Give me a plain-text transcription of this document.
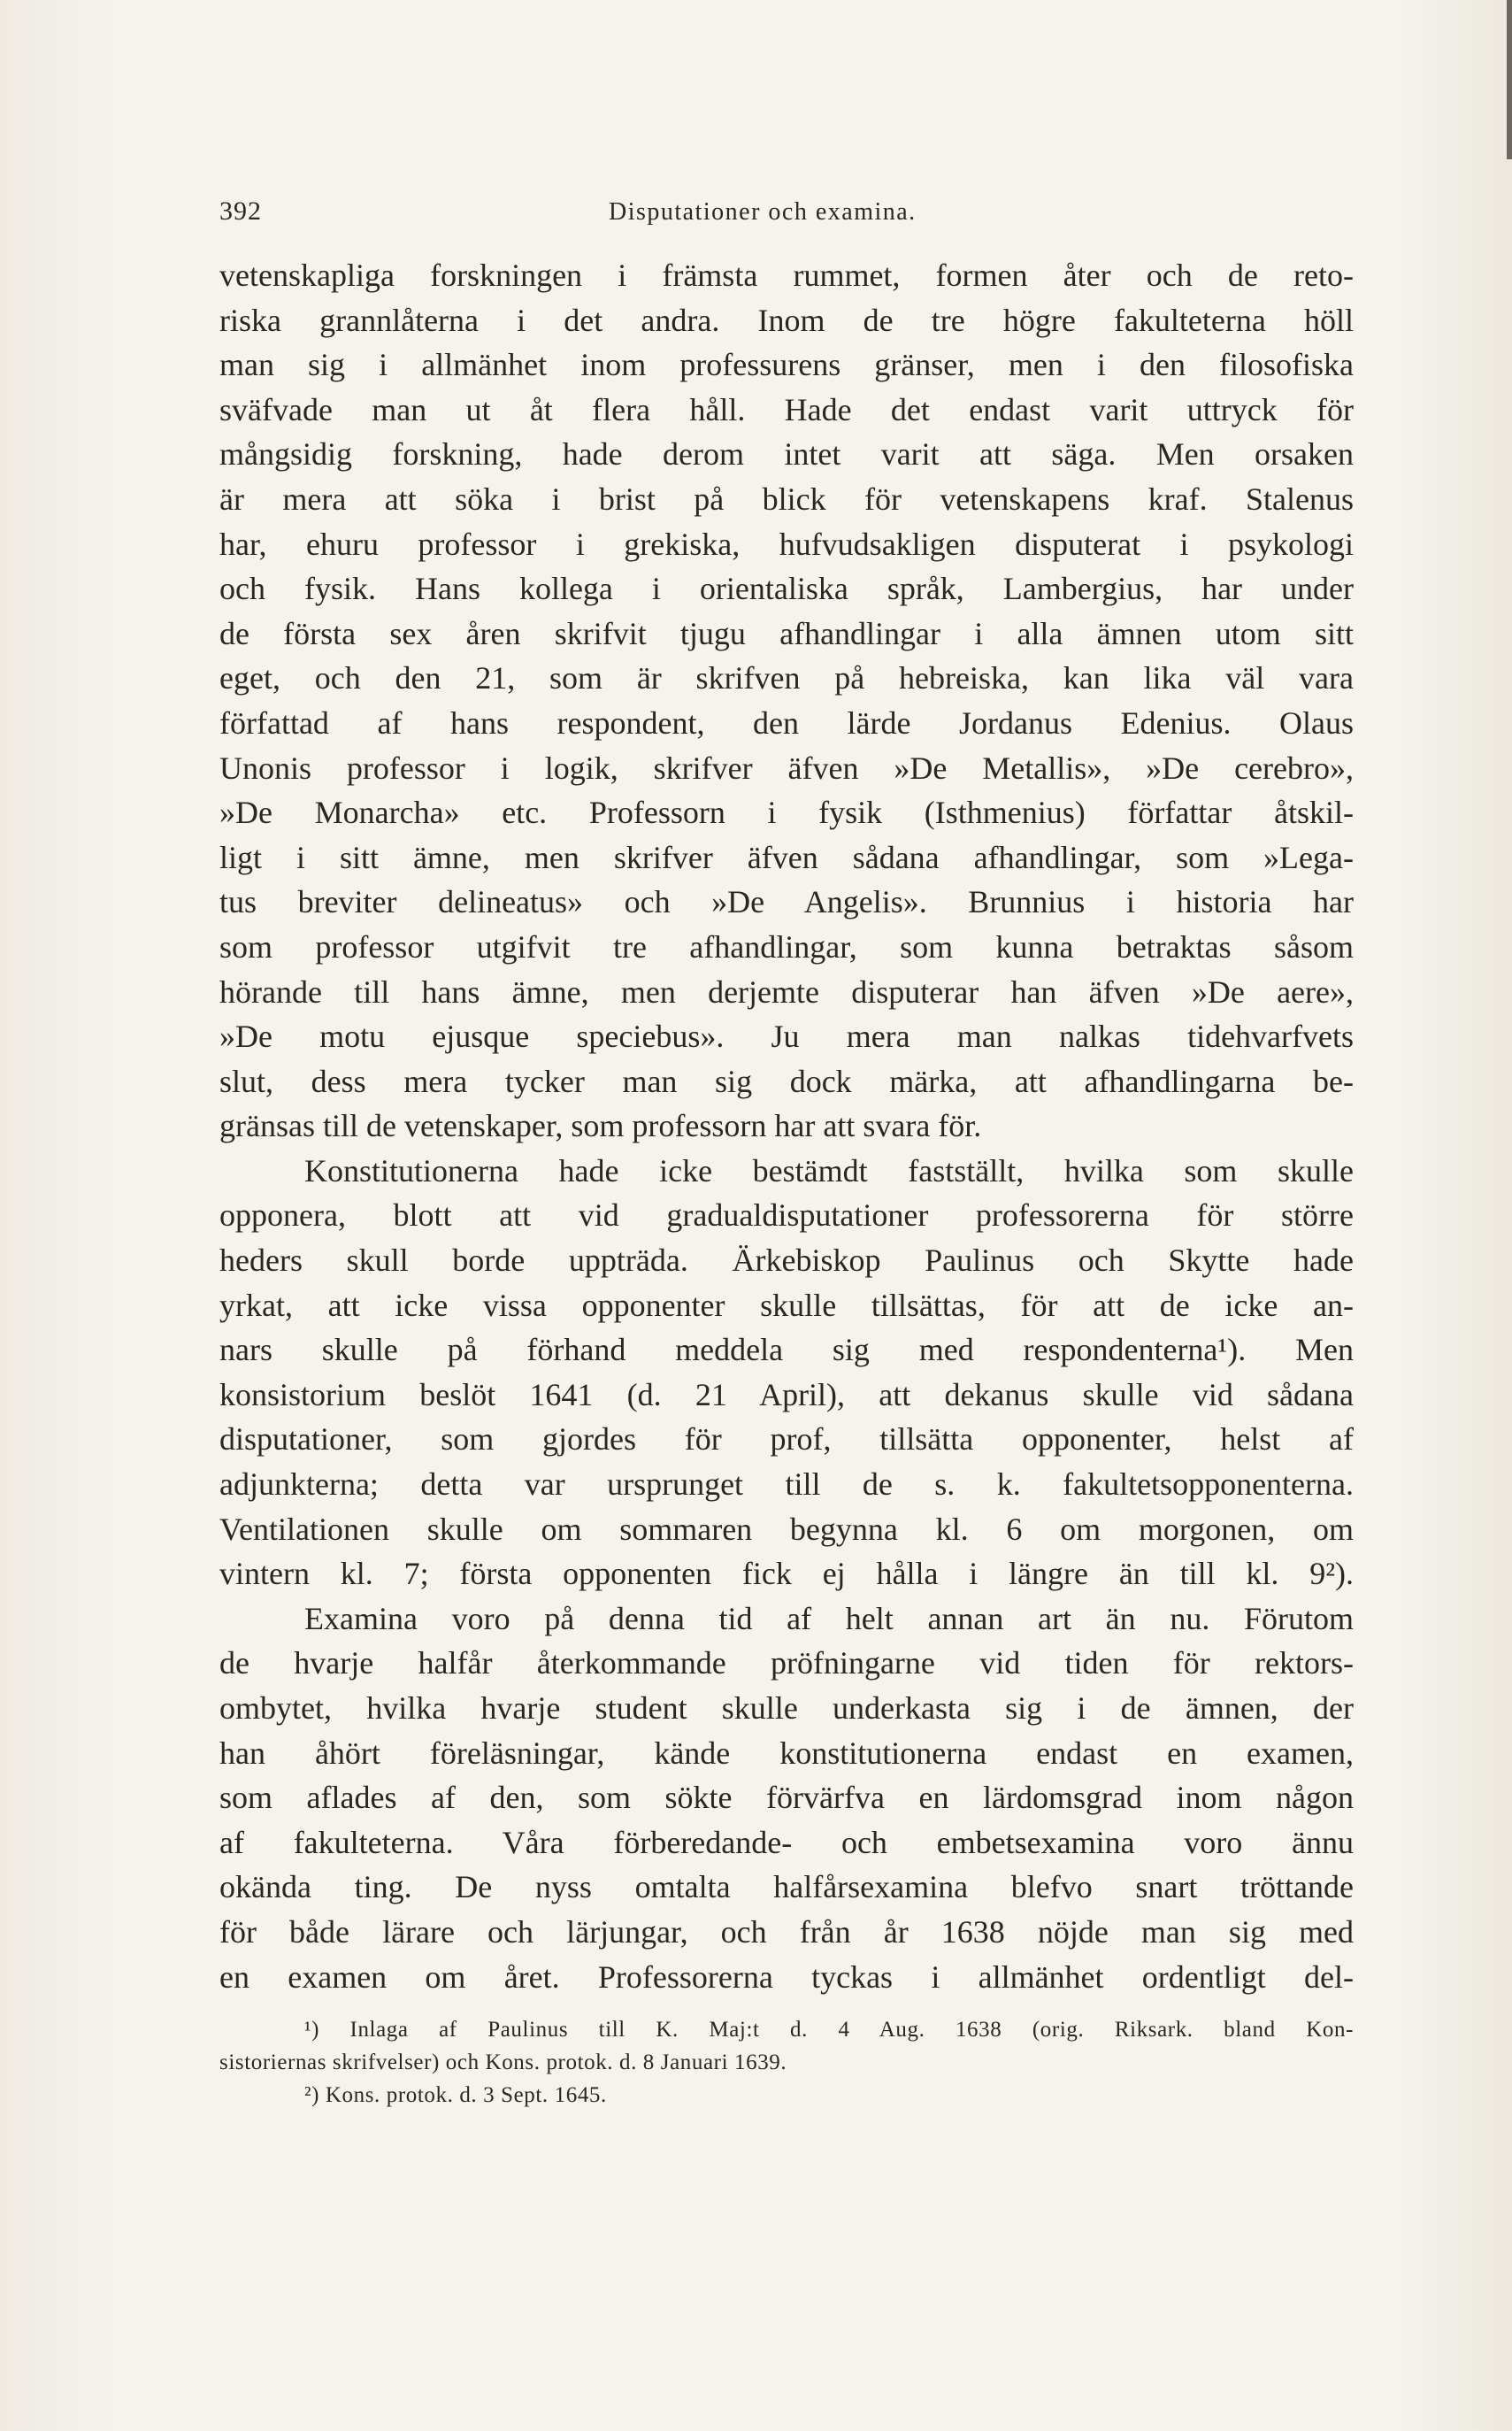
392	Disputationer och examina.
vetenskapliga forskningen i främsta rummet, formen åter och de reto-
riska grannlåterna i det andra. Inom de tre högre fakulteterna höll
man sig i allmänhet inom professurens gränser, men i den filosofiska
sväfvade man ut åt flera håll. Hade det endast varit uttryck för
mångsidig forskning, hade derom intet varit att säga. Men orsaken
är mera att söka i brist på blick för vetenskapens kraf. Stalenus
har, ehuru professor i grekiska, hufvudsakligen disputerat i psykologi
och fysik. Hans kollega i orientaliska språk, Lambergius, har under
de första sex åren skrifvit tjugu afhandlingar i alla ämnen utom sitt
eget, och den 21, som är skrifven på hebreiska, kan lika väl vara
författad af hans respondent, den lärde Jordanus Edenius. Olaus
Unonis professor i logik, skrifver äfven »De Metallis», »De cerebro»,
»De Monarcha» etc. Professorn i fysik (Isthmenius) författar åtskil-
ligt i sitt ämne, men skrifver äfven sådana afhandlingar, som »Lega-
tus breviter delineatus» och »De Angelis». Brunnius i historia har
som professor utgifvit tre afhandlingar, som kunna betraktas såsom
hörande till hans ämne, men derjemte disputerar han äfven »De aere»,
»De motu ejusque speciebus». Ju mera man nalkas tidehvarfvets
slut, dess mera tycker man sig dock märka, att afhandlingarna be-
gränsas till de vetenskaper, som professorn har att svara för.
Konstitutionerna hade icke bestämdt fastställt, hvilka som skulle
opponera, blott att vid gradualdisputationer professorerna för större
heders skull borde uppträda. Ärkebiskop Paulinus och Skytte hade
yrkat, att icke vissa opponenter skulle tillsättas, för att de icke an-
nars skulle på förhand meddela sig med respondenterna¹). Men
konsistorium beslöt 1641 (d. 21 April), att dekanus skulle vid sådana
disputationer, som gjordes för prof, tillsätta opponenter, helst af
adjunkterna; detta var ursprunget till de s. k. fakultetsopponenterna.
Ventilationen skulle om sommaren begynna kl. 6 om morgonen, om
vintern kl. 7; första opponenten fick ej hålla i längre än till kl. 9²).
Examina voro på denna tid af helt annan art än nu. Förutom
de hvarje halfår återkommande pröfningarne vid tiden för rektors-
ombytet, hvilka hvarje student skulle underkasta sig i de ämnen, der
han åhört föreläsningar, kände konstitutionerna endast en examen,
som aflades af den, som sökte förvärfva en lärdomsgrad inom någon
af fakulteterna. Våra förberedande- och embetsexamina voro ännu
okända ting. De nyss omtalta halfårsexamina blefvo snart tröttande
för både lärare och lärjungar, och från år 1638 nöjde man sig med
en examen om året. Professorerna tyckas i allmänhet ordentligt del-
¹) Inlaga af Paulinus till K. Maj:t d. 4 Aug. 1638 (orig. Riksark. bland Kon-
sistoriernas skrifvelser) och Kons. protok. d. 8 Januari 1639.
²) Kons. protok. d. 3 Sept. 1645.
